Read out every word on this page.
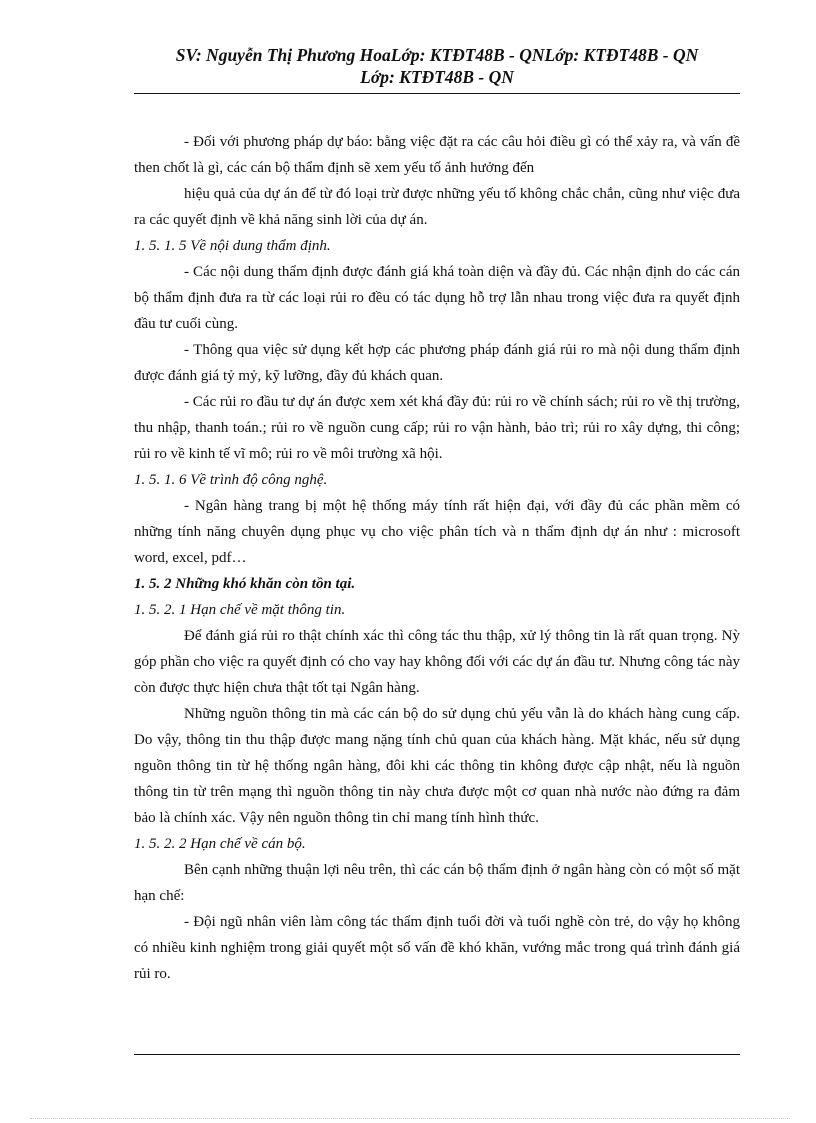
SV: Nguyễn Thị Phương HoaLớp: KTĐT48B - QNLớp: KTĐT48B - QN
Lớp: KTĐT48B - QN

- Đối với phương pháp dự báo: bằng việc đặt ra các câu hỏi điều gì có thể xảy ra, và vấn đề then chốt là gì, các cán bộ thẩm định sẽ xem yếu tố ảnh hưởng đến

hiệu quả của dự án để từ đó loại trừ được những yếu tố không chắc chắn, cũng như việc đưa ra các quyết định về khả năng sinh lời của dự án.

1. 5. 1. 5 Về nội dung thẩm định.

- Các nội dung thẩm định được đánh giá khá toàn diện và đầy đủ. Các nhận định do các cán bộ thẩm định đưa ra từ các loại rủi ro đều có tác dụng hỗ trợ lẫn nhau trong việc đưa ra quyết định đầu tư cuối cùng.

- Thông qua việc sử dụng kết hợp các phương pháp đánh giá rủi ro mà nội dung thẩm định được đánh giá tỷ mỷ, kỹ lưỡng, đầy đủ khách quan.

- Các rủi ro đầu tư dự án được xem xét khá đầy đủ: rủi ro về chính sách; rủi ro về thị trường, thu nhập, thanh toán.; rủi ro về nguồn cung cấp; rủi ro vận hành, bảo trì; rủi ro xây dựng, thi công; rủi ro về kinh tế vĩ mô; rủi ro về môi trường xã hội.

1. 5. 1. 6 Về trình độ công nghệ.

- Ngân hàng trang bị một hệ thống máy tính rất hiện đại, với đầy đủ các phần mềm có những tính năng chuyên dụng phục vụ cho việc phân tích và n thẩm định dự án như : microsoft word, excel, pdf…

1. 5. 2 Những khó khăn còn tồn tại.

1. 5. 2. 1 Hạn chế về mặt thông tin.

Để đánh giá rủi ro thật chính xác thì công tác thu thập, xử lý thông tin là rất quan trọng. Nỳ góp phần cho việc ra quyết định có cho vay hay không đối với các dự án đầu tư. Nhưng công tác này còn được thực hiện chưa thật tốt tại Ngân hàng.

Những nguồn thông tin mà các cán bộ do sử dụng chủ yếu vẫn là do khách hàng cung cấp. Do vậy, thông tin thu thập được mang nặng tính chủ quan của khách hàng. Mặt khác, nếu sử dụng nguồn thông tin từ hệ thống ngân hàng, đôi khi các thông tin không được cập nhật, nếu là nguồn thông tin từ trên mạng thì nguồn thông tin này chưa được một cơ quan nhà nước nào đứng ra đảm bảo là chính xác. Vậy nên nguồn thông tin chỉ mang tính hình thức.

1. 5. 2. 2 Hạn chế về cán bộ.

Bên cạnh những thuận lợi nêu trên, thì các cán bộ thẩm định ở ngân hàng còn có một số mặt hạn chế:

- Đội ngũ nhân viên làm công tác thẩm định tuổi đời và tuổi nghề còn trẻ, do vậy họ không có nhiều kinh nghiệm trong giải quyết một số vấn đề khó khăn, vướng mắc trong quá trình đánh giá rủi ro.
